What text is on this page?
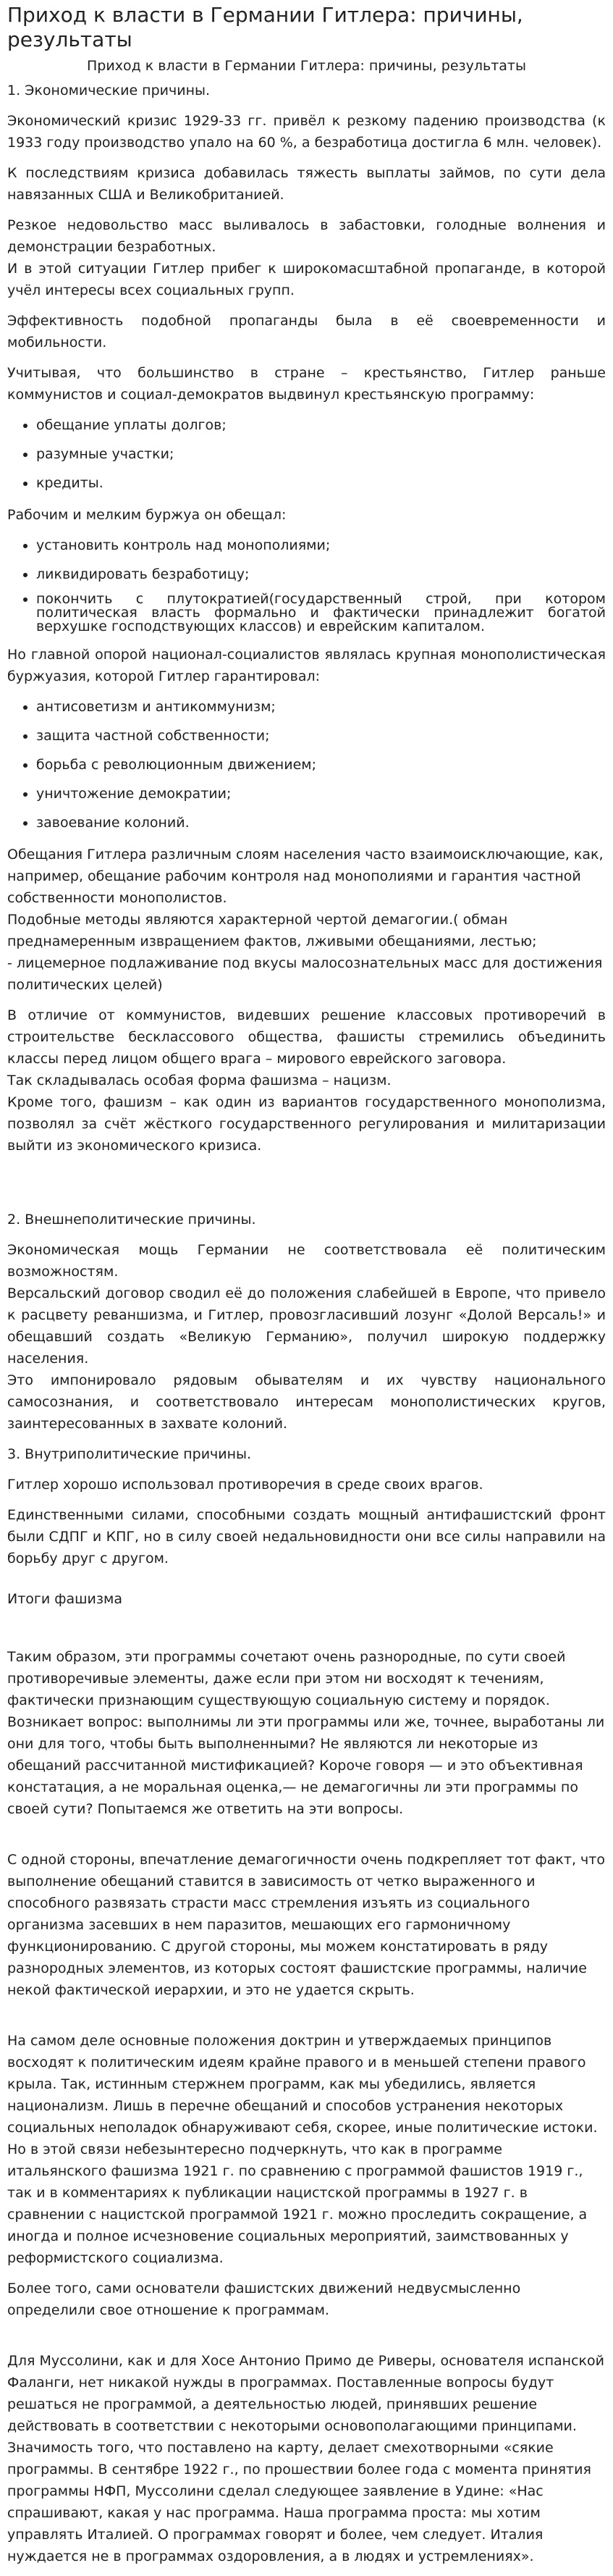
Приход к власти в Германии Гитлера: причины, результаты
Приход к власти в Германии Гитлера: причины, результаты

1. Экономические причины.

Экономический кризис 1929-33 гг. привёл к резкому падению производства (к 1933 году производство упало на 60 %, а безработица достигла 6 млн. человек).

К последствиям кризиса добавилась тяжесть выплаты займов, по сути дела навязанных США и Великобританией.

Резкое недовольство масс выливалось в забастовки, голодные волнения и демонстрации безработных.

И в этой ситуации Гитлер прибег к широкомасштабной пропаганде, в которой учёл интересы всех социальных групп.

Эффективность подобной пропаганды была в её своевременности и мобильности.

Учитывая, что большинство в стране – крестьянство, Гитлер раньше коммунистов и социал-демократов выдвинул крестьянскую программу:

• обещание уплаты долгов;
• разумные участки;
• кредиты.

Рабочим и мелким буржуа он обещал:

• установить контроль над монополиями;
• ликвидировать безработицу;
• покончить с плутократией(государственный строй, при котором политическая власть формально и фактически принадлежит богатой верхушке господствующих классов) и еврейским капиталом.

Но главной опорой национал-социалистов являлась крупная монополистическая буржуазия, которой Гитлер гарантировал:

• антисоветизм и антикоммунизм;
• защита частной собственности;
• борьба с революционным движением;
• уничтожение демократии;
• завоевание колоний.

Обещания Гитлера различным слоям населения часто взаимоисключающие, как, например, обещание рабочим контроля над монополиями и гарантия частной собственности монополистов.

Подобные методы являются характерной чертой демагогии.( обман преднамеренным извращением фактов, лживыми обещаниями, лестью;

- лицемерное подлаживание под вкусы малосознательных масс для достижения политических целей)

В отличие от коммунистов, видевших решение классовых противоречий в строительстве бесклассового общества, фашисты стремились объединить классы перед лицом общего врага – мирового еврейского заговора.

Так складывалась особая форма фашизма – нацизм.

Кроме того, фашизм – как один из вариантов государственного монополизма, позволял за счёт жёсткого государственного регулирования и милитаризации выйти из экономического кризиса.

2. Внешнеполитические причины.

Экономическая мощь Германии не соответствовала её политическим возможностям.

Версальский договор сводил её до положения слабейшей в Европе, что привело к расцвету реваншизма, и Гитлер, провозгласивший лозунг «Долой Версаль!» и обещавший создать «Великую Германию», получил широкую поддержку населения.

Это импонировало рядовым обывателям и их чувству национального самосознания, и соответствовало интересам монополистических кругов, заинтересованных в захвате колоний.

3. Внутриполитические причины.

Гитлер хорошо использовал противоречия в среде своих врагов.

Единственными силами, способными создать мощный антифашистский фронт были СДПГ и КПГ, но в силу своей недальновидности они все силы направили на борьбу друг с другом.

Итоги фашизма

Таким образом, эти программы сочетают очень разнородные, по сути своей противоречивые элементы, даже если при этом ни восходят к течениям, фактически признающим существующую социальную систему и порядок. Возникает вопрос: выполнимы ли эти программы или же, точнее, выработаны ли они для того, чтобы быть выполненными? Не являются ли некоторые из обещаний рассчитанной мистификацией? Короче говоря — и это объективная констатация, а не моральная оценка,— не демагогичны ли эти программы по своей сути? Попытаемся же ответить на эти вопросы.

С одной стороны, впечатление демагогичности очень подкрепляет тот факт, что выполнение обещаний ставится в зависимость от четко выраженного и способного развязать страсти масс стремления изъять из социального организма засевших в нем паразитов, мешающих его гармоничному функционированию. С другой стороны, мы можем констатировать в ряду разнородных элементов, из которых состоят фашистские программы, наличие некой фактической иерархии, и это не удается скрыть.

На самом деле основные положения доктрин и утверждаемых принципов восходят к политическим идеям крайне правого и в меньшей степени правого крыла. Так, истинным стержнем программ, как мы убедились, является национализм. Лишь в перечне обещаний и способов устранения некоторых социальных неполадок обнаруживают себя, скорее, иные политические истоки. Но в этой связи небезынтересно подчеркнуть, что как в программе итальянского фашизма 1921 г. по сравнению с программой фашистов 1919 г., так и в комментариях к публикации нацистской программы в 1927 г. в сравнении с нацистской программой 1921 г. можно проследить сокращение, а иногда и полное исчезновение социальных мероприятий, заимствованных у реформистского социализма.

Более того, сами основатели фашистских движений недвусмысленно определили свое отношение к программам.

Для Муссолини, как и для Хосе Антонио Примо де Риверы, основателя испанской Фаланги, нет никакой нужды в программах. Поставленные вопросы будут решаться не программой, а деятельностью людей, принявших решение действовать в соответствии с некоторыми основополагающими принципами. Значимость того, что поставлено на карту, делает смехотворными «сякие программы. В сентябре 1922 г., по прошествии более года с момента принятия программы НФП, Муссолини сделал следующее заявление в Удине: «Нас спрашивают, какая у нас программа. Наша программа проста: мы хотим управлять Италией. О программах говорят и более, чем следует. Италия нуждается не в программах оздоровления, а в людях и устремлениях».
